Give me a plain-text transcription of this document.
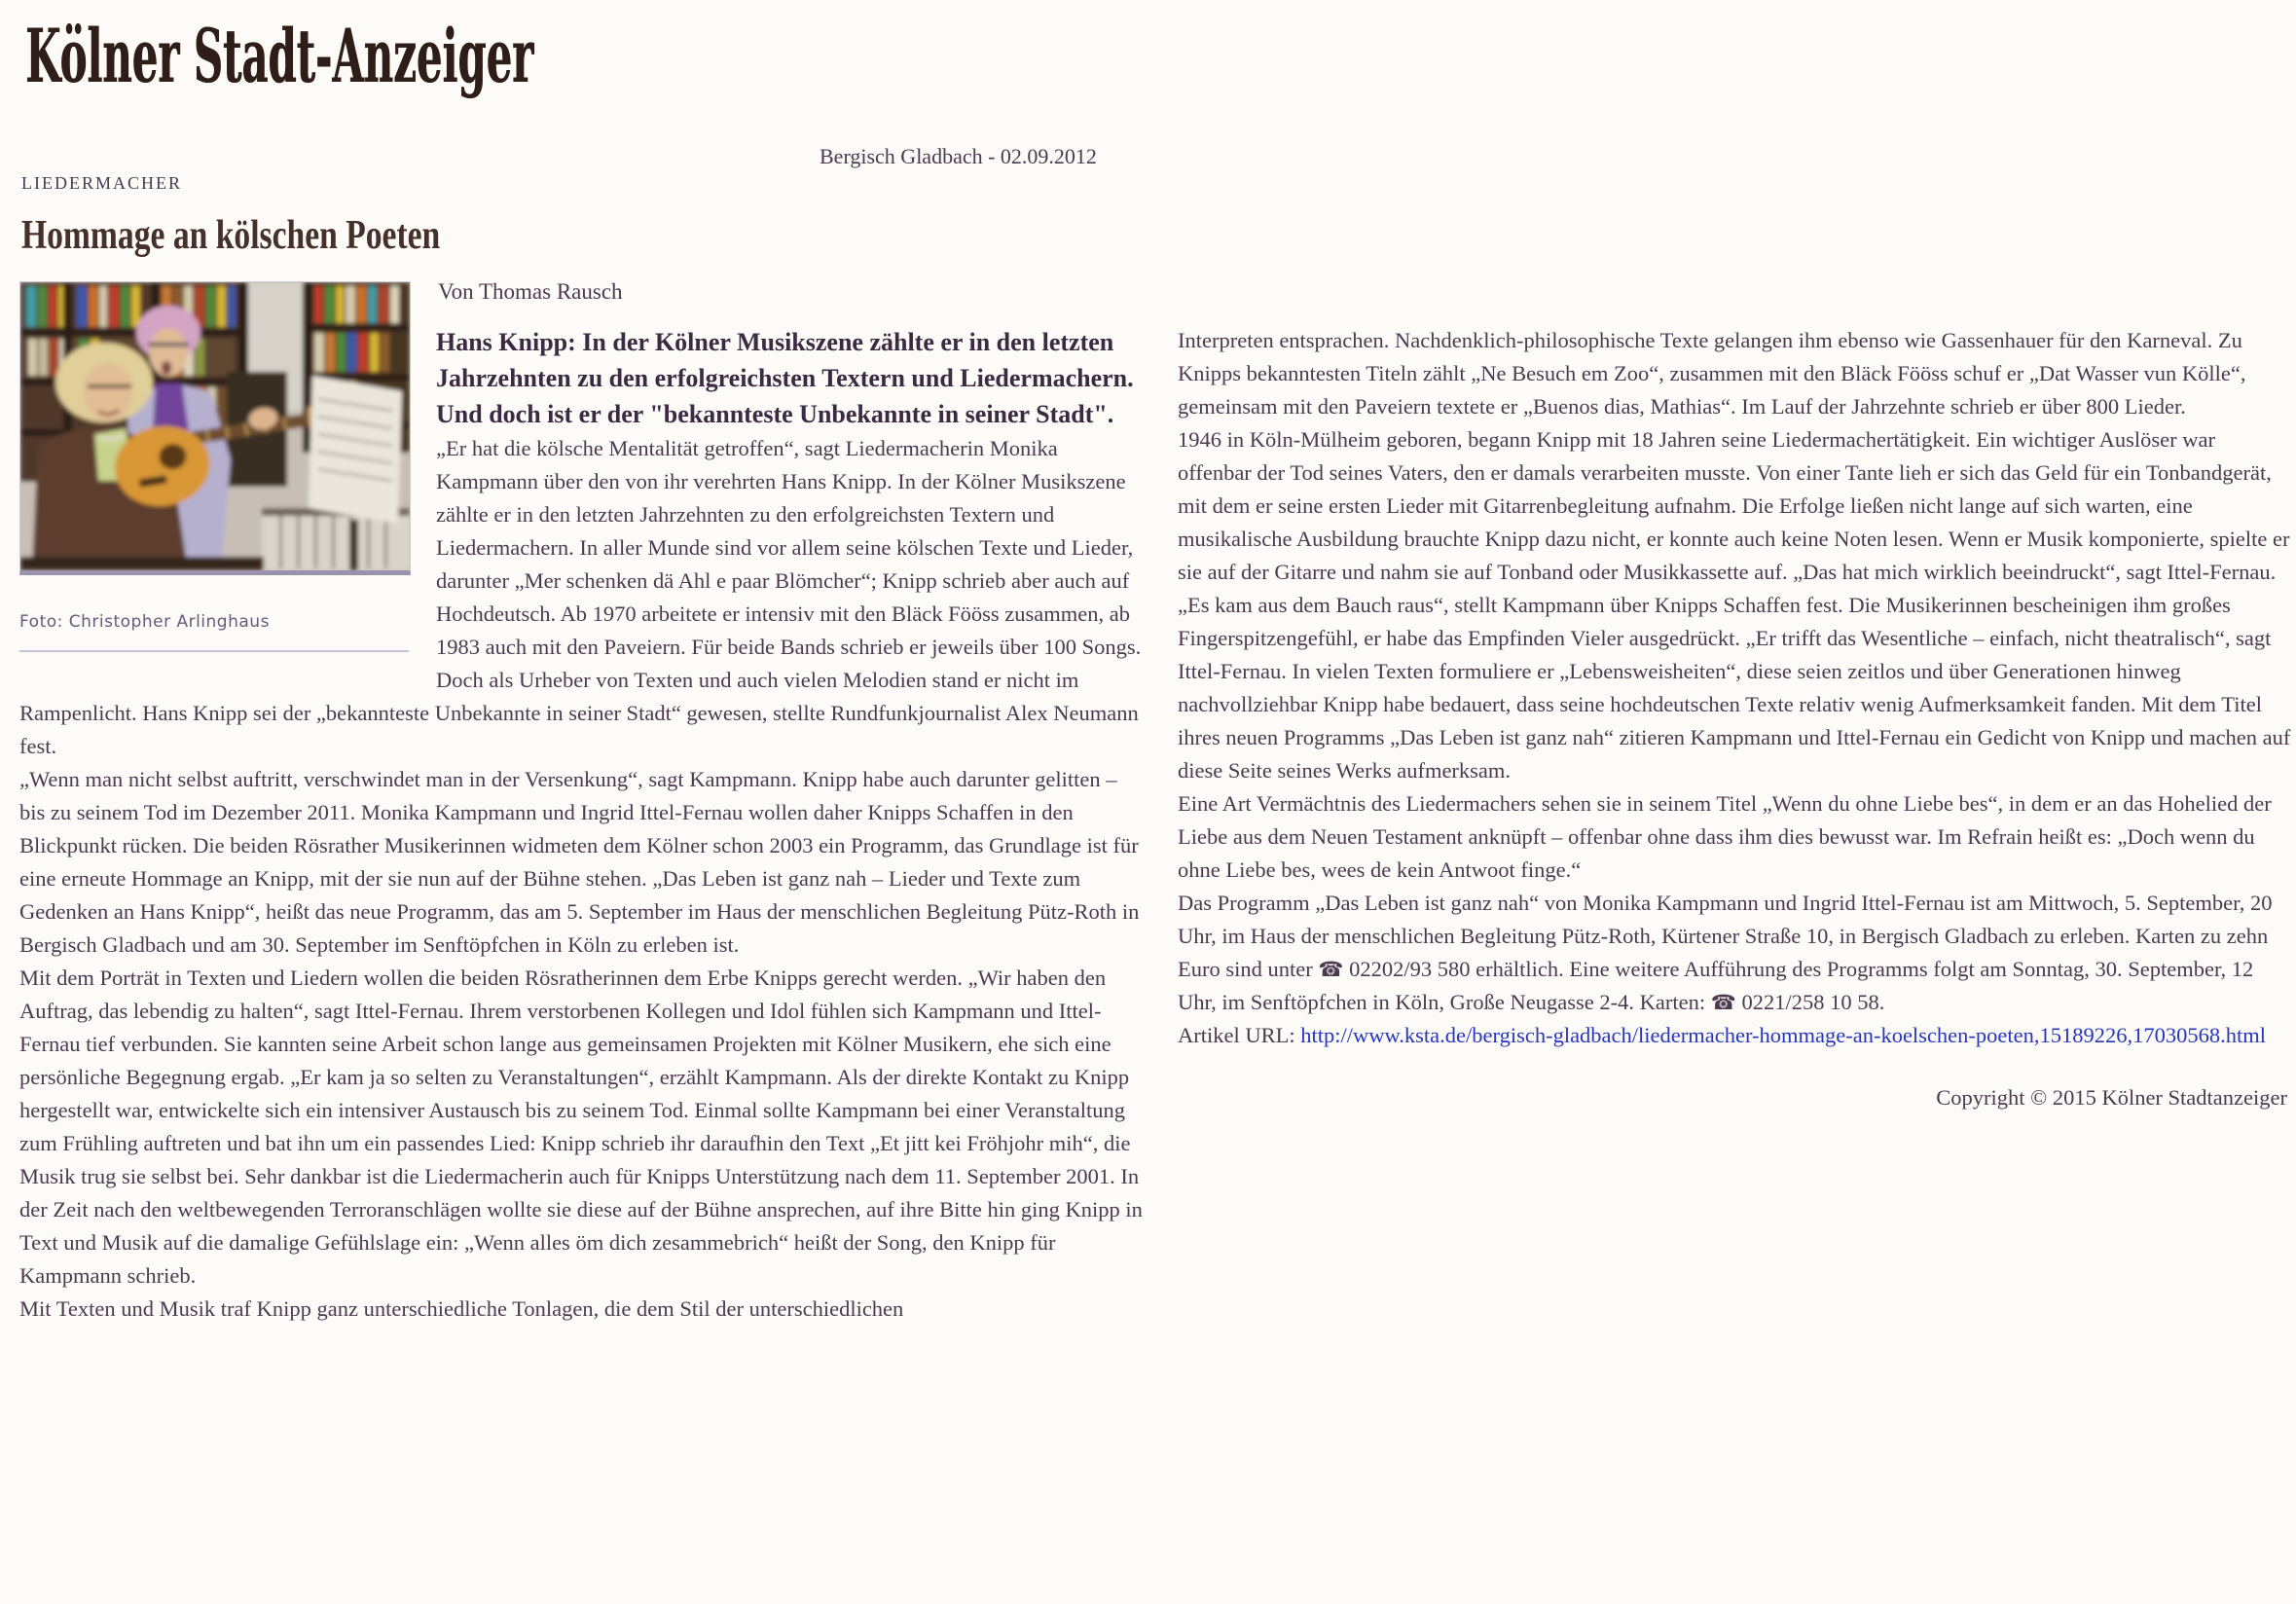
Kölner Stadt-Anzeiger
Bergisch Gladbach - 02.09.2012
LIEDERMACHER
Hommage an kölschen Poeten
Von Thomas Rausch
Foto: Christopher Arlinghaus

Hans Knipp: In der Kölner Musikszene zählte er in den letzten Jahrzehnten zu den erfolgreichsten Textern und Liedermachern. Und doch ist er der "bekannteste Unbekannte in seiner Stadt".

„Er hat die kölsche Mentalität getroffen“, sagt Liedermacherin Monika Kampmann über den von ihr verehrten Hans Knipp. In der Kölner Musikszene zählte er in den letzten Jahrzehnten zu den erfolgreichsten Textern und Liedermachern. In aller Munde sind vor allem seine kölschen Texte und Lieder, darunter „Mer schenken dä Ahl e paar Blömcher“; Knipp schrieb aber auch auf Hochdeutsch. Ab 1970 arbeitete er intensiv mit den Bläck Fööss zusammen, ab 1983 auch mit den Paveiern. Für beide Bands schrieb er jeweils über 100 Songs. Doch als Urheber von Texten und auch vielen Melodien stand er nicht im Rampenlicht. Hans Knipp sei der „bekannteste Unbekannte in seiner Stadt“ gewesen, stellte Rundfunkjournalist Alex Neumann fest.

„Wenn man nicht selbst auftritt, verschwindet man in der Versenkung“, sagt Kampmann. Knipp habe auch darunter gelitten – bis zu seinem Tod im Dezember 2011. Monika Kampmann und Ingrid Ittel-Fernau wollen daher Knipps Schaffen in den Blickpunkt rücken. Die beiden Rösrather Musikerinnen widmeten dem Kölner schon 2003 ein Programm, das Grundlage ist für eine erneute Hommage an Knipp, mit der sie nun auf der Bühne stehen. „Das Leben ist ganz nah – Lieder und Texte zum Gedenken an Hans Knipp“, heißt das neue Programm, das am 5. September im Haus der menschlichen Begleitung Pütz-Roth in Bergisch Gladbach und am 30. September im Senftöpfchen in Köln zu erleben ist.

Mit dem Porträt in Texten und Liedern wollen die beiden Rösratherinnen dem Erbe Knipps gerecht werden. „Wir haben den Auftrag, das lebendig zu halten“, sagt Ittel-Fernau. Ihrem verstorbenen Kollegen und Idol fühlen sich Kampmann und Ittel-Fernau tief verbunden. Sie kannten seine Arbeit schon lange aus gemeinsamen Projekten mit Kölner Musikern, ehe sich eine persönliche Begegnung ergab. „Er kam ja so selten zu Veranstaltungen“, erzählt Kampmann. Als der direkte Kontakt zu Knipp hergestellt war, entwickelte sich ein intensiver Austausch bis zu seinem Tod. Einmal sollte Kampmann bei einer Veranstaltung zum Frühling auftreten und bat ihn um ein passendes Lied: Knipp schrieb ihr daraufhin den Text „Et jitt kei Fröhjohr mih“, die Musik trug sie selbst bei. Sehr dankbar ist die Liedermacherin auch für Knipps Unterstützung nach dem 11. September 2001. In der Zeit nach den weltbewegenden Terroranschlägen wollte sie diese auf der Bühne ansprechen, auf ihre Bitte hin ging Knipp in Text und Musik auf die damalige Gefühlslage ein: „Wenn alles öm dich zesammebrich“ heißt der Song, den Knipp für Kampmann schrieb.

Mit Texten und Musik traf Knipp ganz unterschiedliche Tonlagen, die dem Stil der unterschiedlichen

Interpreten entsprachen. Nachdenklich-philosophische Texte gelangen ihm ebenso wie Gassenhauer für den Karneval. Zu Knipps bekanntesten Titeln zählt „Ne Besuch em Zoo“, zusammen mit den Bläck Fööss schuf er „Dat Wasser vun Kölle“, gemeinsam mit den Paveiern textete er „Buenos dias, Mathias“. Im Lauf der Jahrzehnte schrieb er über 800 Lieder.

1946 in Köln-Mülheim geboren, begann Knipp mit 18 Jahren seine Liedermachertätigkeit. Ein wichtiger Auslöser war offenbar der Tod seines Vaters, den er damals verarbeiten musste. Von einer Tante lieh er sich das Geld für ein Tonbandgerät, mit dem er seine ersten Lieder mit Gitarrenbegleitung aufnahm. Die Erfolge ließen nicht lange auf sich warten, eine musikalische Ausbildung brauchte Knipp dazu nicht, er konnte auch keine Noten lesen. Wenn er Musik komponierte, spielte er sie auf der Gitarre und nahm sie auf Tonband oder Musikkassette auf. „Das hat mich wirklich beeindruckt“, sagt Ittel-Fernau. „Es kam aus dem Bauch raus“, stellt Kampmann über Knipps Schaffen fest. Die Musikerinnen bescheinigen ihm großes Fingerspitzengefühl, er habe das Empfinden Vieler ausgedrückt. „Er trifft das Wesentliche – einfach, nicht theatralisch“, sagt Ittel-Fernau. In vielen Texten formuliere er „Lebensweisheiten“, diese seien zeitlos und über Generationen hinweg nachvollziehbar Knipp habe bedauert, dass seine hochdeutschen Texte relativ wenig Aufmerksamkeit fanden. Mit dem Titel ihres neuen Programms „Das Leben ist ganz nah“ zitieren Kampmann und Ittel-Fernau ein Gedicht von Knipp und machen auf diese Seite seines Werks aufmerksam.

Eine Art Vermächtnis des Liedermachers sehen sie in seinem Titel „Wenn du ohne Liebe bes“, in dem er an das Hohelied der Liebe aus dem Neuen Testament anknüpft – offenbar ohne dass ihm dies bewusst war. Im Refrain heißt es: „Doch wenn du ohne Liebe bes, wees de kein Antwoot finge.“

Das Programm „Das Leben ist ganz nah“ von Monika Kampmann und Ingrid Ittel-Fernau ist am Mittwoch, 5. September, 20 Uhr, im Haus der menschlichen Begleitung Pütz-Roth, Kürtener Straße 10, in Bergisch Gladbach zu erleben. Karten zu zehn Euro sind unter ☎ 02202/93 580 erhältlich. Eine weitere Aufführung des Programms folgt am Sonntag, 30. September, 12 Uhr, im Senftöpfchen in Köln, Große Neugasse 2-4. Karten: ☎ 0221/258 10 58.

Artikel URL: http://www.ksta.de/bergisch-gladbach/liedermacher-hommage-an-koelschen-poeten,15189226,17030568.html

Copyright © 2015 Kölner Stadtanzeiger
